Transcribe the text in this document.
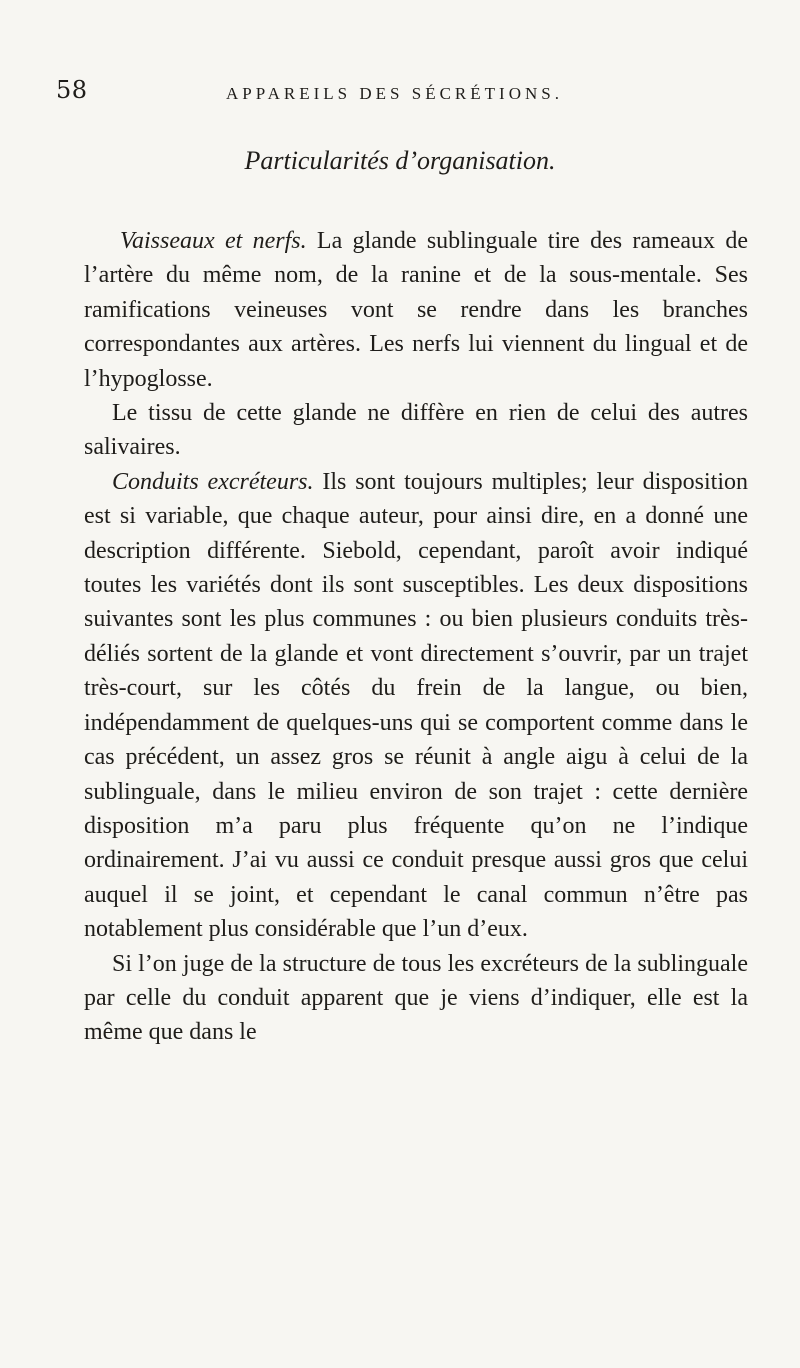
58	APPAREILS DES SÉCRÉTIONS.
Particularités d’organisation.

Vaisseaux et nerfs. La glande sublinguale tire des rameaux de l’artère du même nom, de la ranine et de la sous-mentale. Ses ramifications veineuses vont se rendre dans les branches correspondantes aux artères. Les nerfs lui viennent du lingual et de l’hypoglosse.

Le tissu de cette glande ne diffère en rien de celui des autres salivaires.

Conduits excréteurs. Ils sont toujours multiples; leur disposition est si variable, que chaque auteur, pour ainsi dire, en a donné une description différente. Siebold, cependant, paroît avoir indiqué toutes les variétés dont ils sont susceptibles. Les deux dispositions suivantes sont les plus communes : ou bien plusieurs conduits très-déliés sortent de la glande et vont directement s’ouvrir, par un trajet très-court, sur les côtés du frein de la langue, ou bien, indépendamment de quelques-uns qui se comportent comme dans le cas précédent, un assez gros se réunit à angle aigu à celui de la sublinguale, dans le milieu environ de son trajet : cette dernière disposition m’a paru plus fréquente qu’on ne l’indique ordinairement. J’ai vu aussi ce conduit presque aussi gros que celui auquel il se joint, et cependant le canal commun n’être pas notablement plus considérable que l’un d’eux.

Si l’on juge de la structure de tous les excréteurs de la sublinguale par celle du conduit apparent que je viens d’indiquer, elle est la même que dans le
